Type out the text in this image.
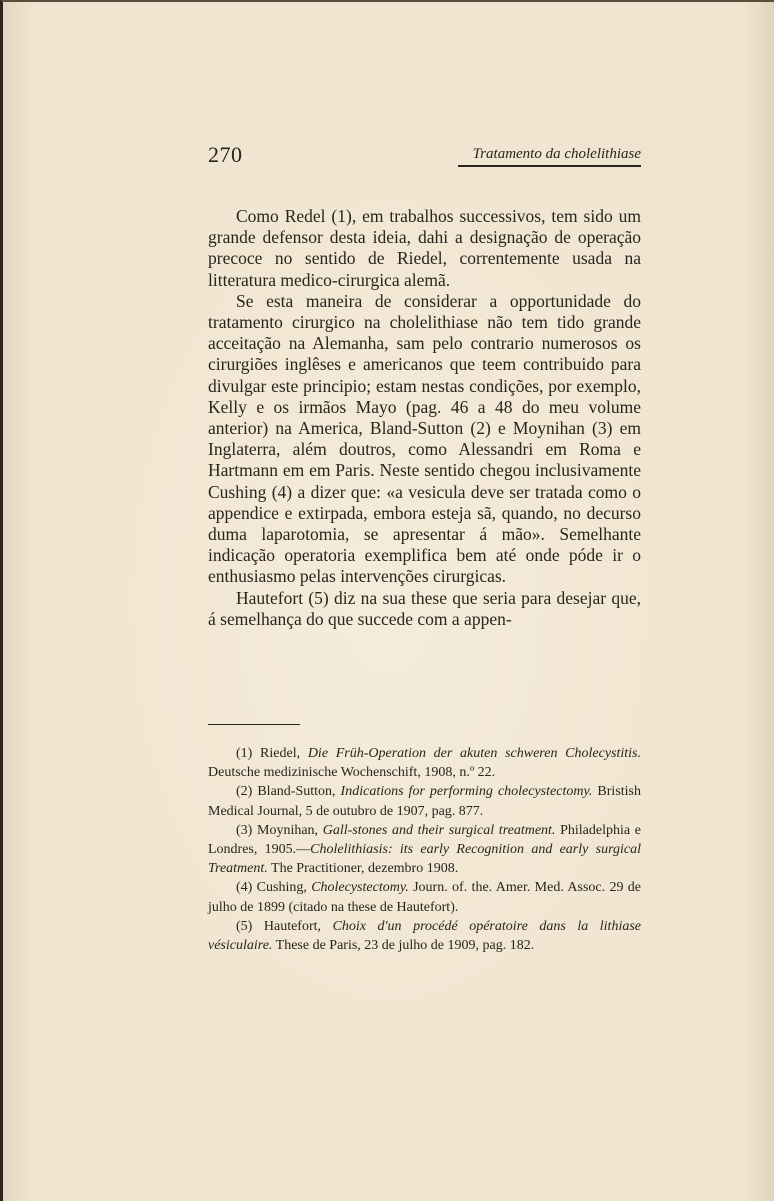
270	Tratamento da cholelithiase

Como Redel (1), em trabalhos successivos, tem sido um grande defensor desta ideia, dahi a designação de operação precoce no sentido de Riedel, correntemente usada na litteratura medico-cirurgica alemã.

Se esta maneira de considerar a opportunidade do tratamento cirurgico na cholelithiase não tem tido grande acceitação na Alemanha, sam pelo contrario numerosos os cirurgiões inglêses e americanos que teem contribuido para divulgar este principio; estam nestas condições, por exemplo, Kelly e os irmãos Mayo (pag. 46 a 48 do meu volume anterior) na America, Bland-Sutton (2) e Moynihan (3) em Inglaterra, além doutros, como Alessandri em Roma e Hartmann em em Paris. Neste sentido chegou inclusivamente Cushing (4) a dizer que: «a vesicula deve ser tratada como o appendice e extirpada, embora esteja sã, quando, no decurso duma laparotomia, se apresentar á mão». Semelhante indicação operatoria exemplifica bem até onde póde ir o enthusiasmo pelas intervenções cirurgicas.

Hautefort (5) diz na sua these que seria para desejar que, á semelhança do que succede com a appen-

(1) Riedel, Die Früh-Operation der akuten schweren Cholecystitis. Deutsche medizinische Wochenschift, 1908, n.º 22.

(2) Bland-Sutton, Indications for performing cholecystectomy. Bristish Medical Journal, 5 de outubro de 1907, pag. 877.

(3) Moynihan, Gall-stones and their surgical treatment. Philadelphia e Londres, 1905.—Cholelithiasis: its early Recognition and early surgical Treatment. The Practitioner, dezembro 1908.

(4) Cushing, Cholecystectomy. Journ. of. the. Amer. Med. Assoc. 29 de julho de 1899 (citado na these de Hautefort).

(5) Hautefort, Choix d'un procédé opératoire dans la lithiase vésiculaire. These de Paris, 23 de julho de 1909, pag. 182.
